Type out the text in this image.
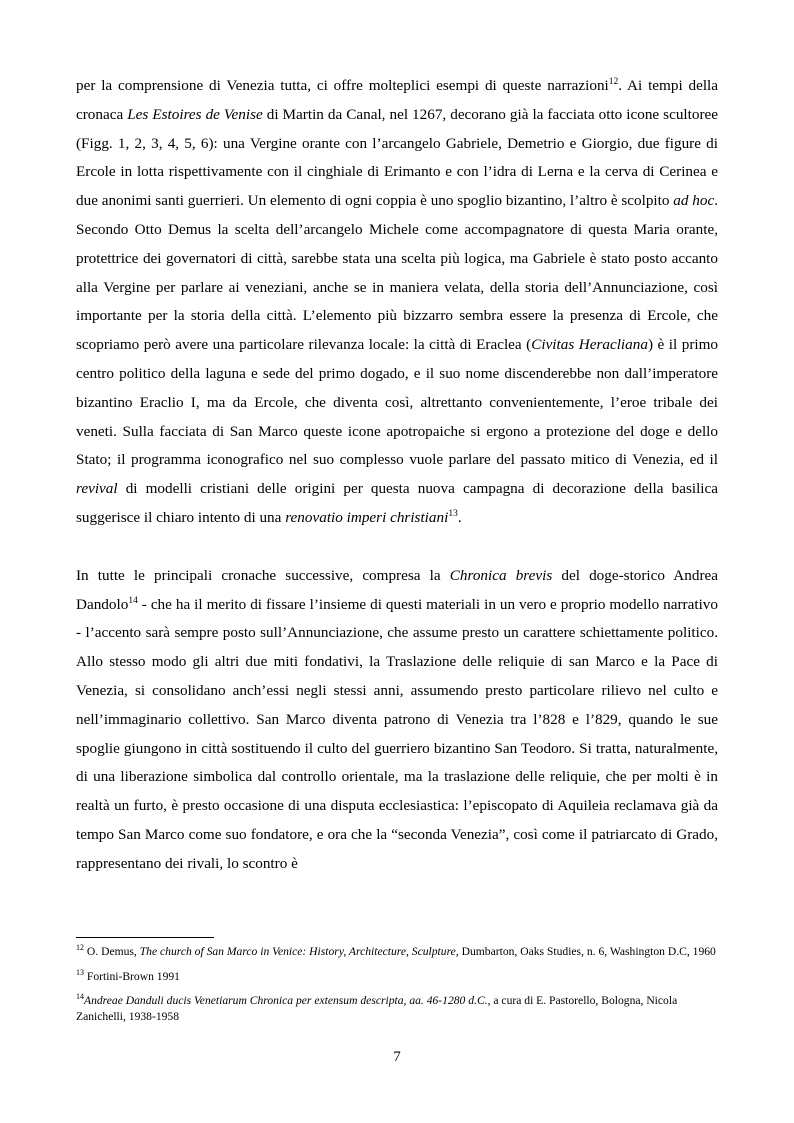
per la comprensione di Venezia tutta, ci offre molteplici esempi di queste narrazioni$^{12}$. Ai tempi della cronaca Les Estoires de Venise di Martin da Canal, nel 1267, decorano già la facciata otto icone scultoree (Figg. 1, 2, 3, 4, 5, 6): una Vergine orante con l’arcangelo Gabriele, Demetrio e Giorgio, due figure di Ercole in lotta rispettivamente con il cinghiale di Erimanto e con l’idra di Lerna e la cerva di Cerinea e due anonimi santi guerrieri. Un elemento di ogni coppia è uno spoglio bizantino, l’altro è scolpito ad hoc. Secondo Otto Demus la scelta dell’arcangelo Michele come accompagnatore di questa Maria orante, protettrice dei governatori di città, sarebbe stata una scelta più logica, ma Gabriele è stato posto accanto alla Vergine per parlare ai veneziani, anche se in maniera velata, della storia dell’Annunciazione, così importante per la storia della città. L’elemento più bizzarro sembra essere la presenza di Ercole, che scopriamo però avere una particolare rilevanza locale: la città di Eraclea (Civitas Heracliana) è il primo centro politico della laguna e sede del primo dogado, e il suo nome discenderebbe non dall’imperatore bizantino Eraclio I, ma da Ercole, che diventa così, altrettanto convenientemente, l’eroe tribale dei veneti. Sulla facciata di San Marco queste icone apotropaiche si ergono a protezione del doge e dello Stato; il programma iconografico nel suo complesso vuole parlare del passato mitico di Venezia, ed il revival di modelli cristiani delle origini per questa nuova campagna di decorazione della basilica suggerisce il chiaro intento di una renovatio imperi christiani$^{13}$.

In tutte le principali cronache successive, compresa la Chronica brevis del doge-storico Andrea Dandolo$^{14}$ - che ha il merito di fissare l’insieme di questi materiali in un vero e proprio modello narrativo - l’accento sarà sempre posto sull’Annunciazione, che assume presto un carattere schiettamente politico. Allo stesso modo gli altri due miti fondativi, la Traslazione delle reliquie di san Marco e la Pace di Venezia, si consolidano anch’essi negli stessi anni, assumendo presto particolare rilievo nel culto e nell’immaginario collettivo. San Marco diventa patrono di Venezia tra l’828 e l’829, quando le sue spoglie giungono in città sostituendo il culto del guerriero bizantino San Teodoro. Si tratta, naturalmente, di una liberazione simbolica dal controllo orientale, ma la traslazione delle reliquie, che per molti è in realtà un furto, è presto occasione di una disputa ecclesiastica: l’episcopato di Aquileia reclamava già da tempo San Marco come suo fondatore, e ora che la “seconda Venezia”, così come il patriarcato di Grado, rappresentano dei rivali, lo scontro è

$^{12}$ O. Demus, The church of San Marco in Venice: History, Architecture, Sculpture, Dumbarton, Oaks Studies, n. 6, Washington D.C, 1960

$^{13}$ Fortini-Brown 1991

$^{14}$Andreae Danduli ducis Venetiarum Chronica per extensum descripta, aa. 46-1280 d.C., a cura di E. Pastorello, Bologna, Nicola Zanichelli, 1938-1958

7
